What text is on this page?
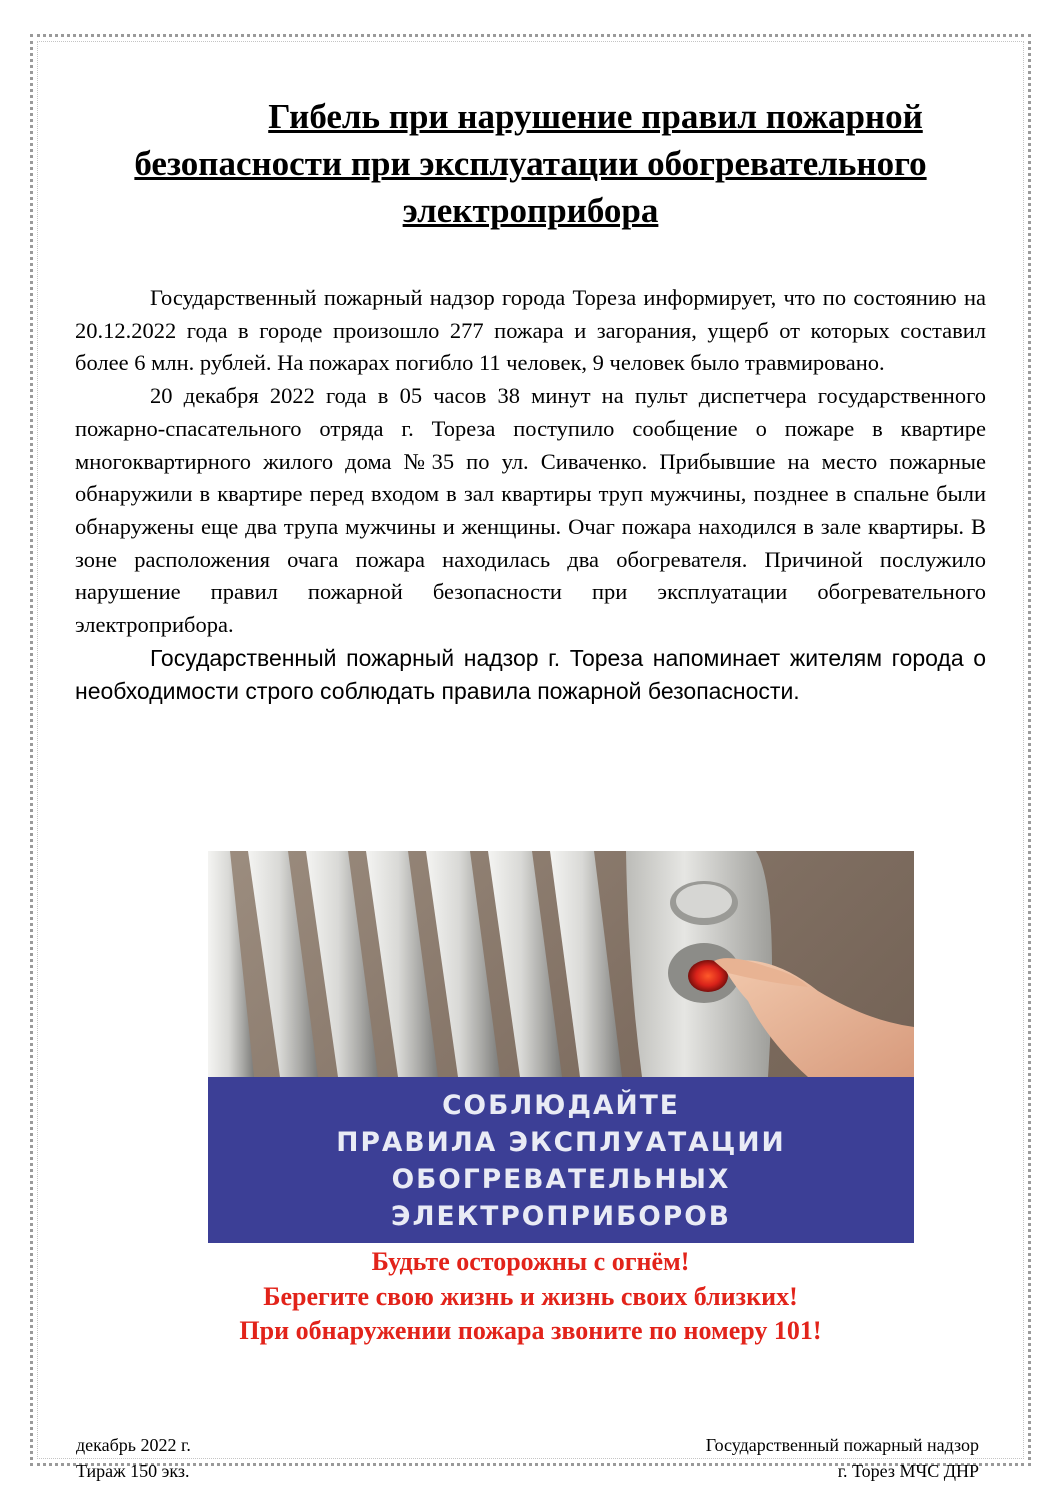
Гибель при нарушение правил пожарной
безопасности при эксплуатации обогревательного
электроприбора

Государственный пожарный надзор города Тореза информирует, что по состоянию на 20.12.2022 года в городе произошло 277 пожара и загорания, ущерб от которых составил более 6 млн. рублей. На пожарах погибло 11 человек, 9 человек было травмировано.

20 декабря 2022 года в 05 часов 38 минут на пульт диспетчера государственного пожарно-спасательного отряда г. Тореза поступило сообщение о пожаре в квартире многоквартирного жилого дома №35 по ул. Сиваченко. Прибывшие на место пожарные обнаружили в квартире перед входом в зал квартиры труп мужчины, позднее в спальне были обнаружены еще два трупа мужчины и женщины. Очаг пожара находился в зале квартиры. В зоне расположения очага пожара находилась два обогревателя. Причиной послужило нарушение правил пожарной безопасности при эксплуатации обогревательного электроприбора.

Государственный пожарный надзор г. Тореза напоминает жителям города о необходимости строго соблюдать правила пожарной безопасности.

СОБЛЮДАЙТЕ
ПРАВИЛА ЭКСПЛУАТАЦИИ
ОБОГРЕВАТЕЛЬНЫХ
ЭЛЕКТРОПРИБОРОВ
Будьте осторожны с огнём!
Берегите свою жизнь и жизнь своих близких!
При обнаружении пожара звоните по номеру 101!
декабрь 2022 г.
Тираж 150 экз.
Государственный пожарный надзор
г. Торез МЧС ДНР
